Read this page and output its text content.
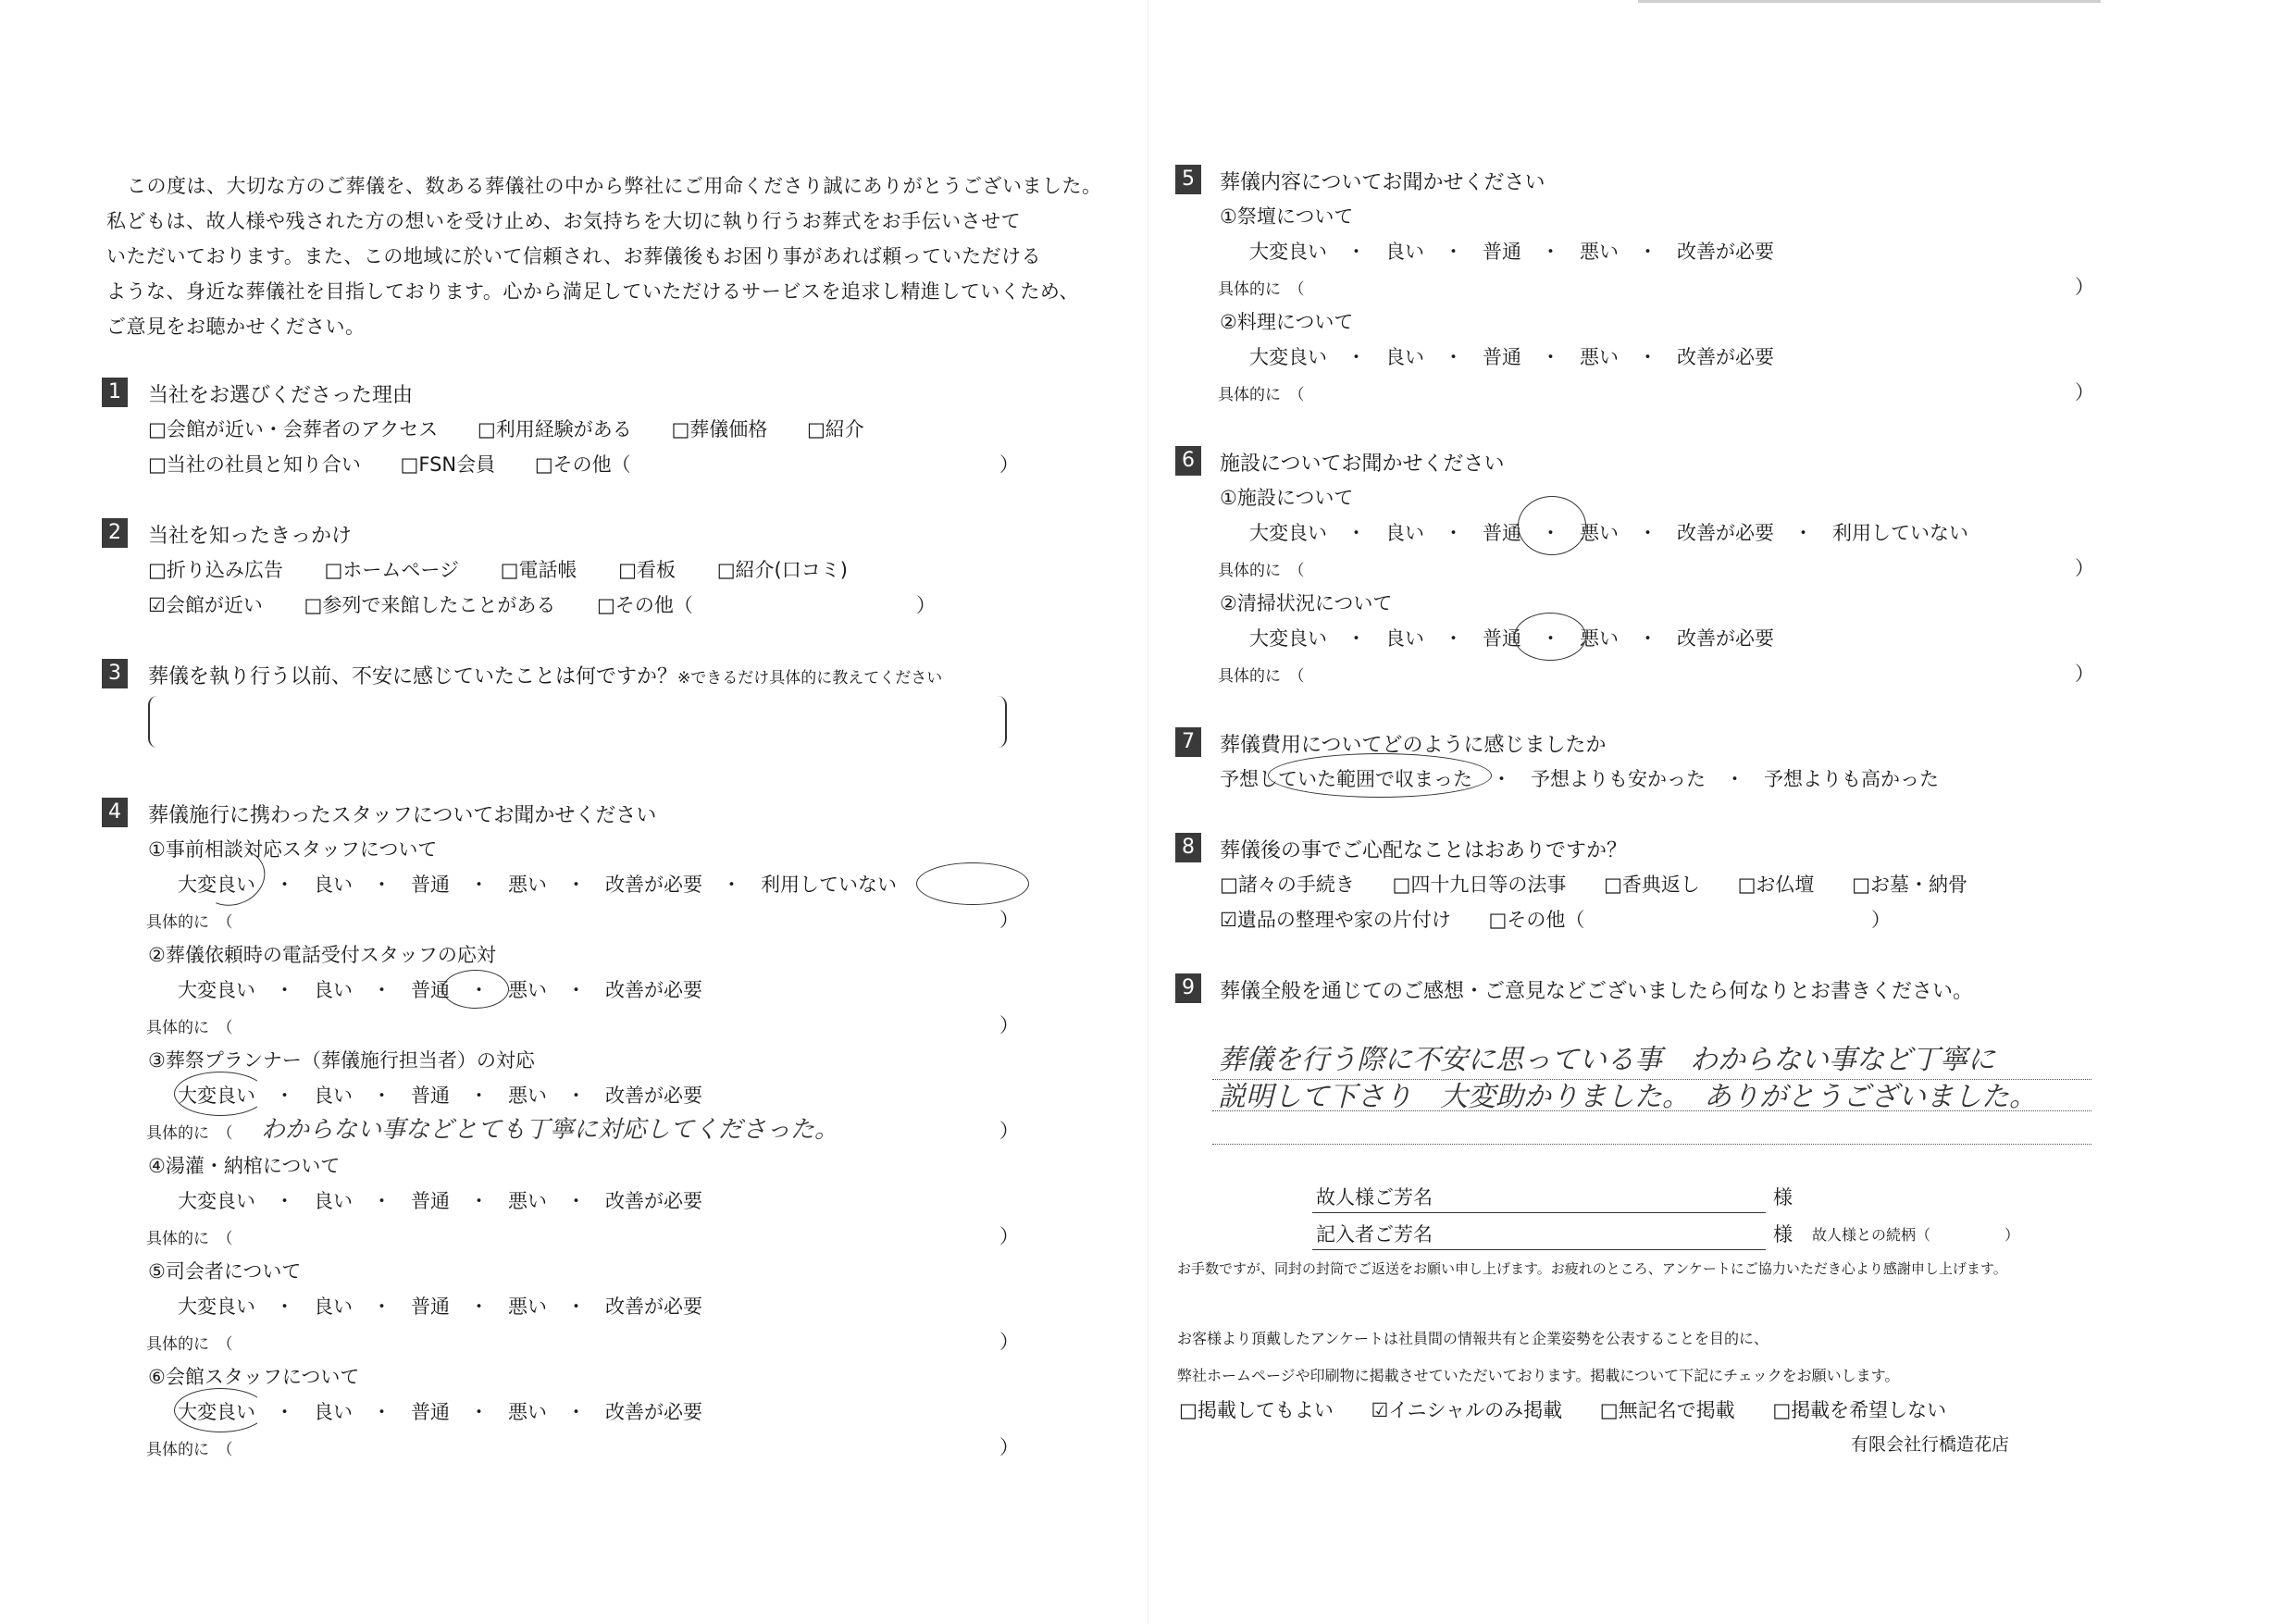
この度は、大切な方のご葬儀を、数ある葬儀社の中から弊社にご用命くださり誠にありがとうございました。
私どもは、故人様や残された方の想いを受け止め、お気持ちを大切に執り行うお葬式をお手伝いさせて
いただいております。また、この地域に於いて信頼され、お葬儀後もお困り事があれば頼っていただける
ような、身近な葬儀社を目指しております。心から満足していただけるサービスを追求し精進していくため、
ご意見をお聴かせください。
1	当社をお選びくださった理由
□会館が近い・会葬者のアクセス □利用経験がある □葬儀価格 □紹介
□当社の社員と知り合い □FSN会員 □その他（	）
2	当社を知ったきっかけ
□折り込み広告 □ホームページ □電話帳 □看板 □紹介(口コミ)
☑会館が近い □参列で来館したことがある □その他（	）
3	葬儀を執り行う以前、不安に感じていたことは何ですか？※できるだけ具体的に教えてください
4	葬儀施行に携わったスタッフについてお聞かせください
①事前相談対応スタッフについて
大変良い　・　良い　・　普通　・　悪い　・　改善が必要　・　利用していない
具体的に　（	）
②葬儀依頼時の電話受付スタッフの応対
大変良い　・　良い　・　普通　・　悪い　・　改善が必要
具体的に　（	）
③葬祭プランナー（葬儀施行担当者）の対応
大変良い　・　良い　・　普通　・　悪い　・　改善が必要
具体的に　（ わからない事などとても丁寧に対応してくださった。	）
④湯灌・納棺について
大変良い　・　良い　・　普通　・　悪い　・　改善が必要
具体的に　（	）
⑤司会者について
大変良い　・　良い　・　普通　・　悪い　・　改善が必要
具体的に　（	）
⑥会館スタッフについて
大変良い　・　良い　・　普通　・　悪い　・　改善が必要
具体的に　（	）
5	葬儀内容についてお聞かせください
①祭壇について
大変良い　・　良い　・　普通　・　悪い　・　改善が必要
具体的に　（	）
②料理について
大変良い　・　良い　・　普通　・　悪い　・　改善が必要
具体的に　（	）
6	施設についてお聞かせください
①施設について
大変良い　・　良い　・　普通　・　悪い　・　改善が必要　・　利用していない
具体的に　（	）
②清掃状況について
大変良い　・　良い　・　普通　・　悪い　・　改善が必要
具体的に　（	）
7	葬儀費用についてどのように感じましたか
予想していた範囲で収まった　・　予想よりも安かった　・　予想よりも高かった
8	葬儀後の事でご心配なことはおありですか？
□諸々の手続き □四十九日等の法事 □香典返し □お仏壇 □お墓・納骨
☑遺品の整理や家の片付け □その他（	）
9	葬儀全般を通じてのご感想・ご意見などございましたら何なりとお書きください。
葬儀を行う際に不安に思っている事　わからない事など丁寧に
説明して下さり　大変助かりました。　ありがとうございました。
故人様ご芳名	様
記入者ご芳名	様 故人様との続柄（　　　　　）
お手数ですが、同封の封筒でご返送をお願い申し上げます。お疲れのところ、アンケートにご協力いただき心より感謝申し上げます。
お客様より頂戴したアンケートは社員間の情報共有と企業姿勢を公表することを目的に、
弊社ホームページや印刷物に掲載させていただいております。掲載について下記にチェックをお願いします。
□掲載してもよい ☑イニシャルのみ掲載 □無記名で掲載 □掲載を希望しない
有限会社行橋造花店
